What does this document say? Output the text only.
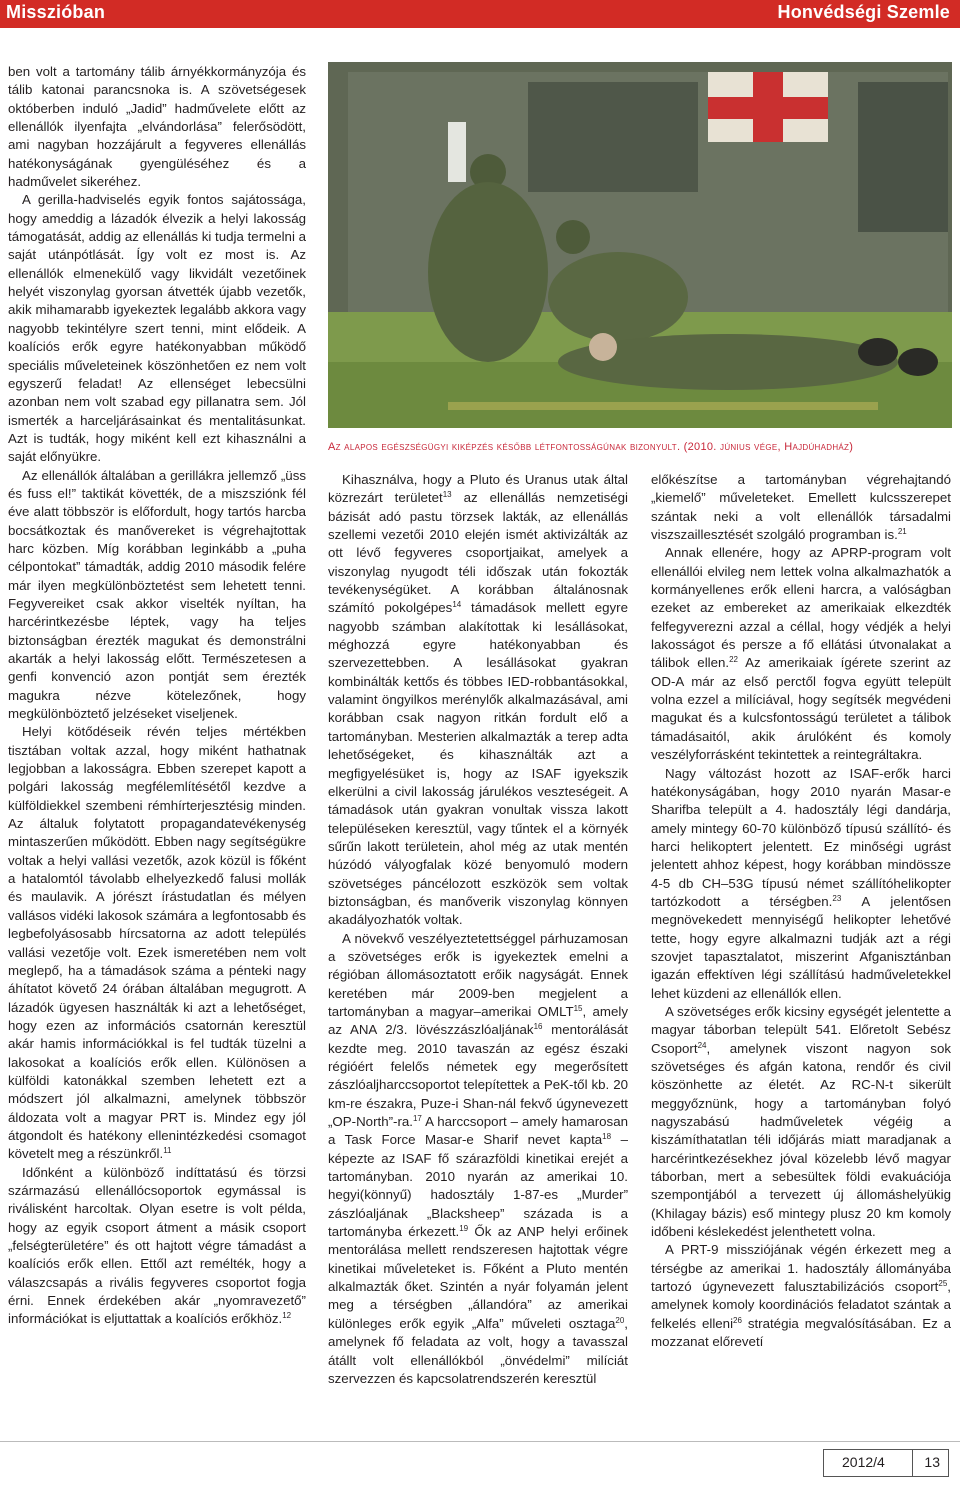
Misszióban	Honvédségi Szemle

ben volt a tartomány tálib árnyékkormányzója és tálib katonai parancsnoka is. A szövetségesek októberben induló „Jadid” hadművelete előtt az ellenállók ilyenfajta „elvándorlása” felerősödött, ami nagyban hozzájárult a fegyveres ellenállás hatékonyságának gyengüléséhez és a hadművelet sikeréhez.

A gerilla-hadviselés egyik fontos sajátossága, hogy ameddig a lázadók élvezik a helyi lakosság támogatását, addig az ellenállás ki tudja termelni a saját utánpótlását. Így volt ez most is. Az ellenállók elmenekülő vagy likvidált vezetőinek helyét viszonylag gyorsan átvették újabb vezetők, akik mihamarabb igyekeztek legalább akkora vagy nagyobb tekintélyre szert tenni, mint elődeik. A koalíciós erők egyre hatékonyabban működő speciális műveleteinek köszönhetően ez nem volt egyszerű feladat! Az ellenséget lebecsülni azonban nem volt szabad egy pillanatra sem. Jól ismerték a harceljárásainkat és mentalitásunkat. Azt is tudták, hogy miként kell ezt kihasználni a saját előnyükre.

Az ellenállók általában a gerillákra jellemző „üss és fuss el!” taktikát követték, de a miszsziónk fél éve alatt többször is előfordult, hogy tartós harcba bocsátkoztak és manővereket is végrehajtottak harc közben. Míg korábban leginkább a „puha célpontokat” támadták, addig 2010 második felére már ilyen megkülönböztetést sem lehetett tenni. Fegyvereiket csak akkor viselték nyíltan, ha harcérintkezésbe léptek, vagy ha teljes biztonságban érezték magukat és demonstrálni akarták a helyi lakosság előtt. Természetesen a genfi konvenció azon pontját sem érezték magukra nézve kötelezőnek, hogy megkülönböztető jelzéseket viseljenek.

Helyi kötődéseik révén teljes mértékben tisztában voltak azzal, hogy miként hathatnak legjobban a lakosságra. Ebben szerepet kapott a polgári lakosság megfélemlítésétől kezdve a külföldiekkel szembeni rémhírterjesztésig minden. Az általuk folytatott propagandatevékenység mintaszerűen működött. Ebben nagy segítségükre voltak a helyi vallási vezetők, azok közül is főként a hatalomtól távolabb elhelyezkedő falusi mollák és maulavik. A jórészt írástudatlan és mélyen vallásos vidéki lakosok számára a legfontosabb és legbefolyásosabb hírcsatorna az adott település vallási vezetője volt. Ezek ismeretében nem volt meglepő, ha a támadások száma a pénteki nagy áhítatot követő 24 órában általában megugrott. A lázadók ügyesen használták ki azt a lehetőséget, hogy ezen az információs csatornán keresztül akár hamis információkkal is fel tudták tüzelni a lakosokat a koalíciós erők ellen. Különösen a külföldi katonákkal szemben lehetett ezt a módszert jól alkalmazni, amelynek többször áldozata volt a magyar PRT is. Mindez egy jól átgondolt és hatékony ellenintézkedési csomagot követelt meg a részünkről.$^{11}$

Időnként a különböző indíttatású és törzsi származású ellenállócsoportok egymással is riválisként harcoltak. Olyan esetre is volt példa, hogy az egyik csoport átment a másik csoport „felségterületére” és ott hajtott végre támadást a koalíciós erők ellen. Ettől azt remélték, hogy a válaszcsapás a rivális fegyveres csoportot fogja érni. Ennek érdekében akár „nyomravezető” információkat is eljuttattak a koalíciós erőkhöz.$^{12}$

Az alapos egészségügyi kiképzés később létfontosságúnak bizonyult. (2010. június vége, Hajdúhadház)

Kihasználva, hogy a Pluto és Uranus utak által közrezárt területet$^{13}$ az ellenállás nemzetiségi bázisát adó pastu törzsek lakták, az ellenállás szellemi vezetői 2010 elején ismét aktivizálták az ott lévő fegyveres csoportjaikat, amelyek a viszonylag nyugodt téli időszak után fokozták tevékenységüket. A korábban általánosnak számító pokolgépes$^{14}$ támadások mellett egyre nagyobb számban alakítottak ki lesállásokat, méghozzá egyre hatékonyabban és szervezettebben. A lesállásokat gyakran kombinálták kettős és többes IED-robbantásokkal, valamint öngyilkos merénylők alkalmazásával, ami korábban csak nagyon ritkán fordult elő a tartományban. Mesterien alkalmazták a terep adta lehetőségeket, és kihasználták azt a megfigyelésüket is, hogy az ISAF igyekszik elkerülni a civil lakosság járulékos veszteségeit. A támadások után gyakran vonultak vissza lakott településeken keresztül, vagy tűntek el a környék sűrűn lakott területein, ahol még az utak mentén húzódó vályogfalak közé benyomuló modern szövetséges páncélozott eszközök sem voltak biztonságban, és manőverik viszonylag könnyen akadályozhatók voltak.

A növekvő veszélyeztetettséggel párhuzamosan a szövetséges erők is igyekeztek emelni a régióban állomásoztatott erőik nagyságát. Ennek keretében már 2009-ben megjelent a tartományban a magyar–amerikai OMLT$^{15}$, amely az ANA 2/3. lövészzászlóaljának$^{16}$ mentorálását kezdte meg. 2010 tavaszán az egész északi régióért felelős németek egy megerősített zászlóaljharccsoportot telepítettek a PeK-től kb. 20 km-re északra, Puze-i Shan-nál fekvő úgynevezett „OP-North”-ra.$^{17}$ A harccsoport – amely hamarosan a Task Force Masar-e Sharif nevet kapta$^{18}$ – képezte az ISAF fő szárazföldi kinetikai erejét a tartományban. 2010 nyarán az amerikai 10. hegyi(könnyű) hadosztály 1-87-es „Murder” zászlóaljának „Blacksheep” százada is a tartományba érkezett.$^{19}$ Ők az ANP helyi erőinek mentorálása mellett rendszeresen hajtottak végre kinetikai műveleteket is. Főként a Pluto mentén alkalmazták őket. Szintén a nyár folyamán jelent meg a térségben „állandóra” az amerikai különleges erők egyik „Alfa” műveleti osztaga$^{20}$, amelynek fő feladata az volt, hogy a tavasszal átállt volt ellenállókból „önvédelmi” milíciát szervezzen és kapcsolatrendszerén keresztül

előkészítse a tartományban végrehajtandó „kiemelő” műveleteket. Emellett kulcsszerepet szántak neki a volt ellenállók társadalmi viszszaillesztését szolgáló programban is.$^{21}$

Annak ellenére, hogy az APRP-program volt ellenállói elvileg nem lettek volna alkalmazhatók a kormányellenes erők elleni harcra, a valóságban ezeket az embereket az amerikaiak elkezdték felfegyverezni azzal a céllal, hogy védjék a helyi lakosságot és persze a fő ellátási útvonalakat a tálibok ellen.$^{22}$ Az amerikaiak ígérete szerint az OD-A már az első perctől fogva együtt települt volna ezzel a milíciával, hogy segítsék megvédeni magukat és a kulcsfontosságú területet a tálibok támadásaitól, akik árulóként és komoly veszélyforrásként tekintettek a reintegráltakra.

Nagy változást hozott az ISAF-erők harci hatékonyságában, hogy 2010 nyarán Masar-e Sharifba települt a 4. hadosztály légi dandárja, amely mintegy 60-70 különböző típusú szállító- és harci helikoptert jelentett. Ez minőségi ugrást jelentett ahhoz képest, hogy korábban mindössze 4-5 db CH–53G típusú német szállítóhelikopter tartózkodott a térségben.$^{23}$ A jelentősen megnövekedett mennyiségű helikopter lehetővé tette, hogy egyre alkalmazni tudják azt a régi szovjet tapasztalatot, miszerint Afganisztánban igazán effektíven légi szállítású hadműveletekkel lehet küzdeni az ellenállók ellen.

A szövetséges erők kicsiny egységét jelentette a magyar táborban települt 541. Előretolt Sebész Csoport$^{24}$, amelynek viszont nagyon sok szövetséges és afgán katona, rendőr és civil köszönhette az életét. Az RC-N-t sikerült meggyőznünk, hogy a tartományban folyó nagyszabású hadműveletek végéig a kiszámíthatatlan téli időjárás miatt maradjanak a harcérintkezésekhez jóval közelebb lévő magyar táborban, mert a sebesültek földi evakuációja szempontjából a tervezett új állomáshelyükig (Khilagay bázis) eső mintegy plusz 20 km komoly időbeni késlekedést jelenthetett volna.

A PRT-9 missziójának végén érkezett meg a térségbe az amerikai 1. hadosztály állományába tartozó úgynevezett falusztabilizációs csoport$^{25}$, amelynek komoly koordinációs feladatot szántak a felkelés elleni$^{26}$ stratégia megvalósításában. Ez a mozzanat előrevetí

2012/4	13
